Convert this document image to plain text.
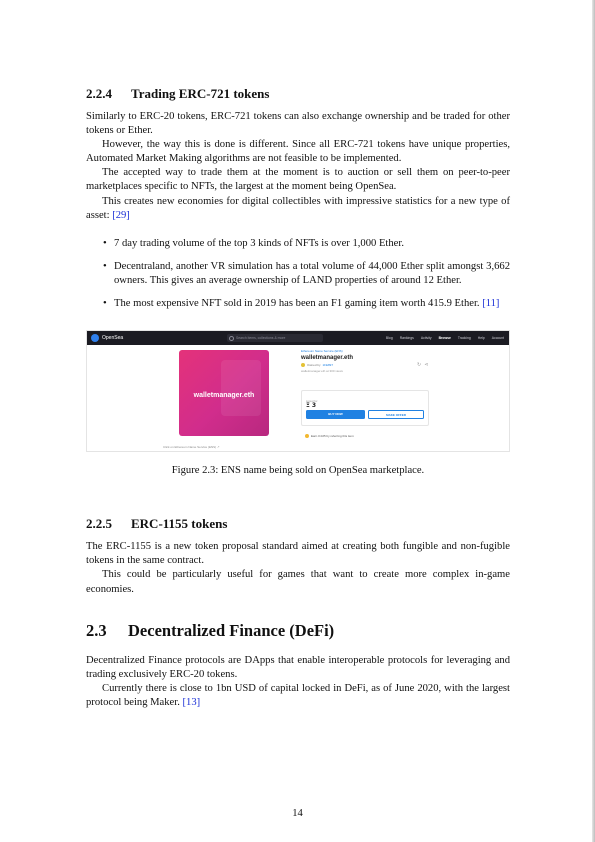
2.2.4 Trading ERC-721 tokens

Similarly to ERC-20 tokens, ERC-721 tokens can also exchange ownership and be traded for other tokens or Ether.

However, the way this is done is different. Since all ERC-721 tokens have unique properties, Automated Market Making algorithms are not feasible to be implemented.

The accepted way to trade them at the moment is to auction or sell them on peer-to-peer marketplaces specific to NFTs, the largest at the moment being OpenSea.

This creates new economies for digital collectibles with impressive statistics for a new type of asset: [29]

• 7 day trading volume of the top 3 kinds of NFTs is over 1,000 Ether.
• Decentraland, another VR simulation has a total volume of 44,000 Ether split amongst 3,662 owners. This gives an average ownership of LAND properties of around 12 Ether.
• The most expensive NFT sold in 2019 has been an F1 gaming item worth 415.9 Ether. [11]
OpenSea	Search items, collections & more	Blog Rankings Activity Browse Tracking Help Account
walletmanager.eth
Click on Ethereum Name Service (ENS) ↗
Ethereum Name Service (ENS)
walletmanager.eth
Owned by 1FE897
walletmanager.eth at 300 views
↻ ⋖
Listed for
Ξ 3
BUY NOW	MAKE OFFER
Earn 0.025 by referring this item

Figure 2.3: ENS name being sold on OpenSea marketplace.

2.2.5 ERC-1155 tokens

The ERC-1155 is a new token proposal standard aimed at creating both fungible and non-fugible tokens in the same contract.

This could be particularly useful for games that want to create more complex in-game economies.

2.3 Decentralized Finance (DeFi)

Decentralized Finance protocols are DApps that enable interoperable protocols for leveraging and trading exclusively ERC-20 tokens.

Currently there is close to 1bn USD of capital locked in DeFi, as of June 2020, with the largest protocol being Maker. [13]

14
